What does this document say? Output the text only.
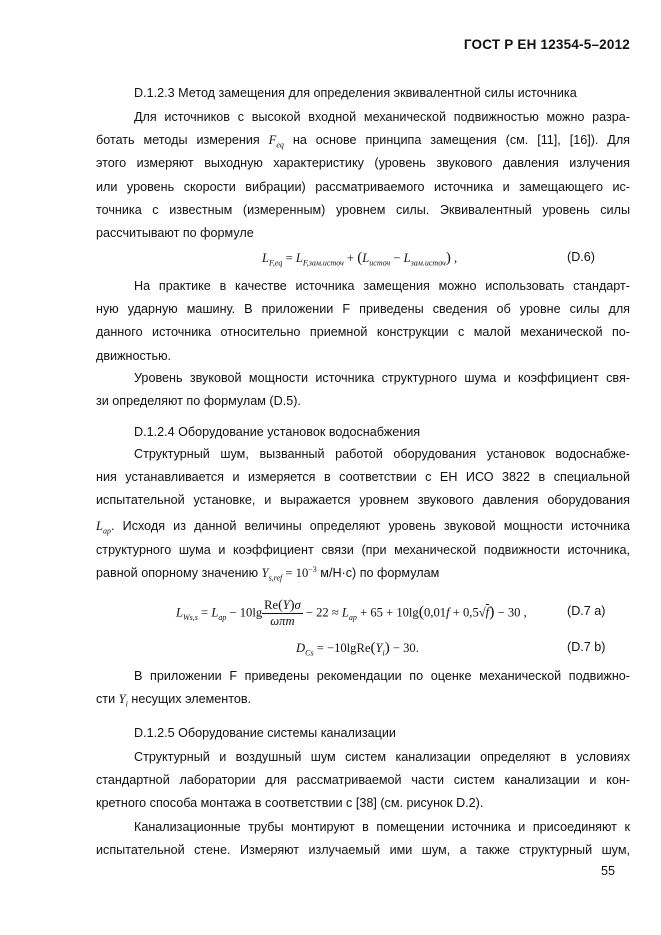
ГОСТ Р ЕН 12354-5–2012
D.1.2.3 Метод замещения для определения эквивалентной силы источника
Для источников с высокой входной механической подвижностью можно разра-
ботать методы измерения $F_{eq}$ на основе принципа замещения (см. [11], [16]). Для
этого измеряют выходную характеристику (уровень звукового давления излучения
или уровень скорости вибрации) рассматриваемого источника и замещающего ис-
точника с известным (измеренным) уровнем силы. Эквивалентный уровень силы
рассчитывают по формуле
$L_{F,eq} = L_{F,зам.источ} + (L_{источ} - L_{зам.источ})$ ,	(D.6)
На практике в качестве источника замещения можно использовать стандарт-
ную ударную машину. В приложении F приведены сведения об уровне силы для
данного источника относительно приемной конструкции с малой механической по-
движностью.
Уровень звуковой мощности источника структурного шума и коэффициент свя-
зи определяют по формулам (D.5).
D.1.2.4 Оборудование установок водоснабжения
Структурный шум, вызванный работой оборудования установок водоснабже-
ния устанавливается и измеряется в соответствии с ЕН ИСО 3822 в специальной
испытательной установке, и выражается уровнем звукового давления оборудования
$L_{ap}$. Исходя из данной величины определяют уровень звуковой мощности источника
структурного шума и коэффициент связи (при механической подвижности источника,
равной опорному значению $Y_{s,ref} = 10^{-3}$ м/Н·с) по формулам
$L_{Ws,s} = L_{ap} - 10\lg \frac{Re(Y)\sigma}{\text{ωπm}} - 22 \approx L_{ap} + 65 + 10\lg(0,01f + 0,5√f) - 30$ ,	(D.7 а)
$D_{Cs}$ = $-10lgRe(Y_i) - 30$.	(D.7 b)
В приложении F приведены рекомендации по оценке механической подвижно-
сти $Y_i$ несущих элементов.
D.1.2.5 Оборудование системы канализации
Структурный и воздушный шум систем канализации определяют в условиях
стандартной лаборатории для рассматриваемой части систем канализации и кон-
кретного способа монтажа в соответствии с [38] (см. рисунок D.2).
Канализационные трубы монтируют в помещении источника и присоединяют к
испытательной стене. Измеряют излучаемый ими шум, а также структурный шум,
55
